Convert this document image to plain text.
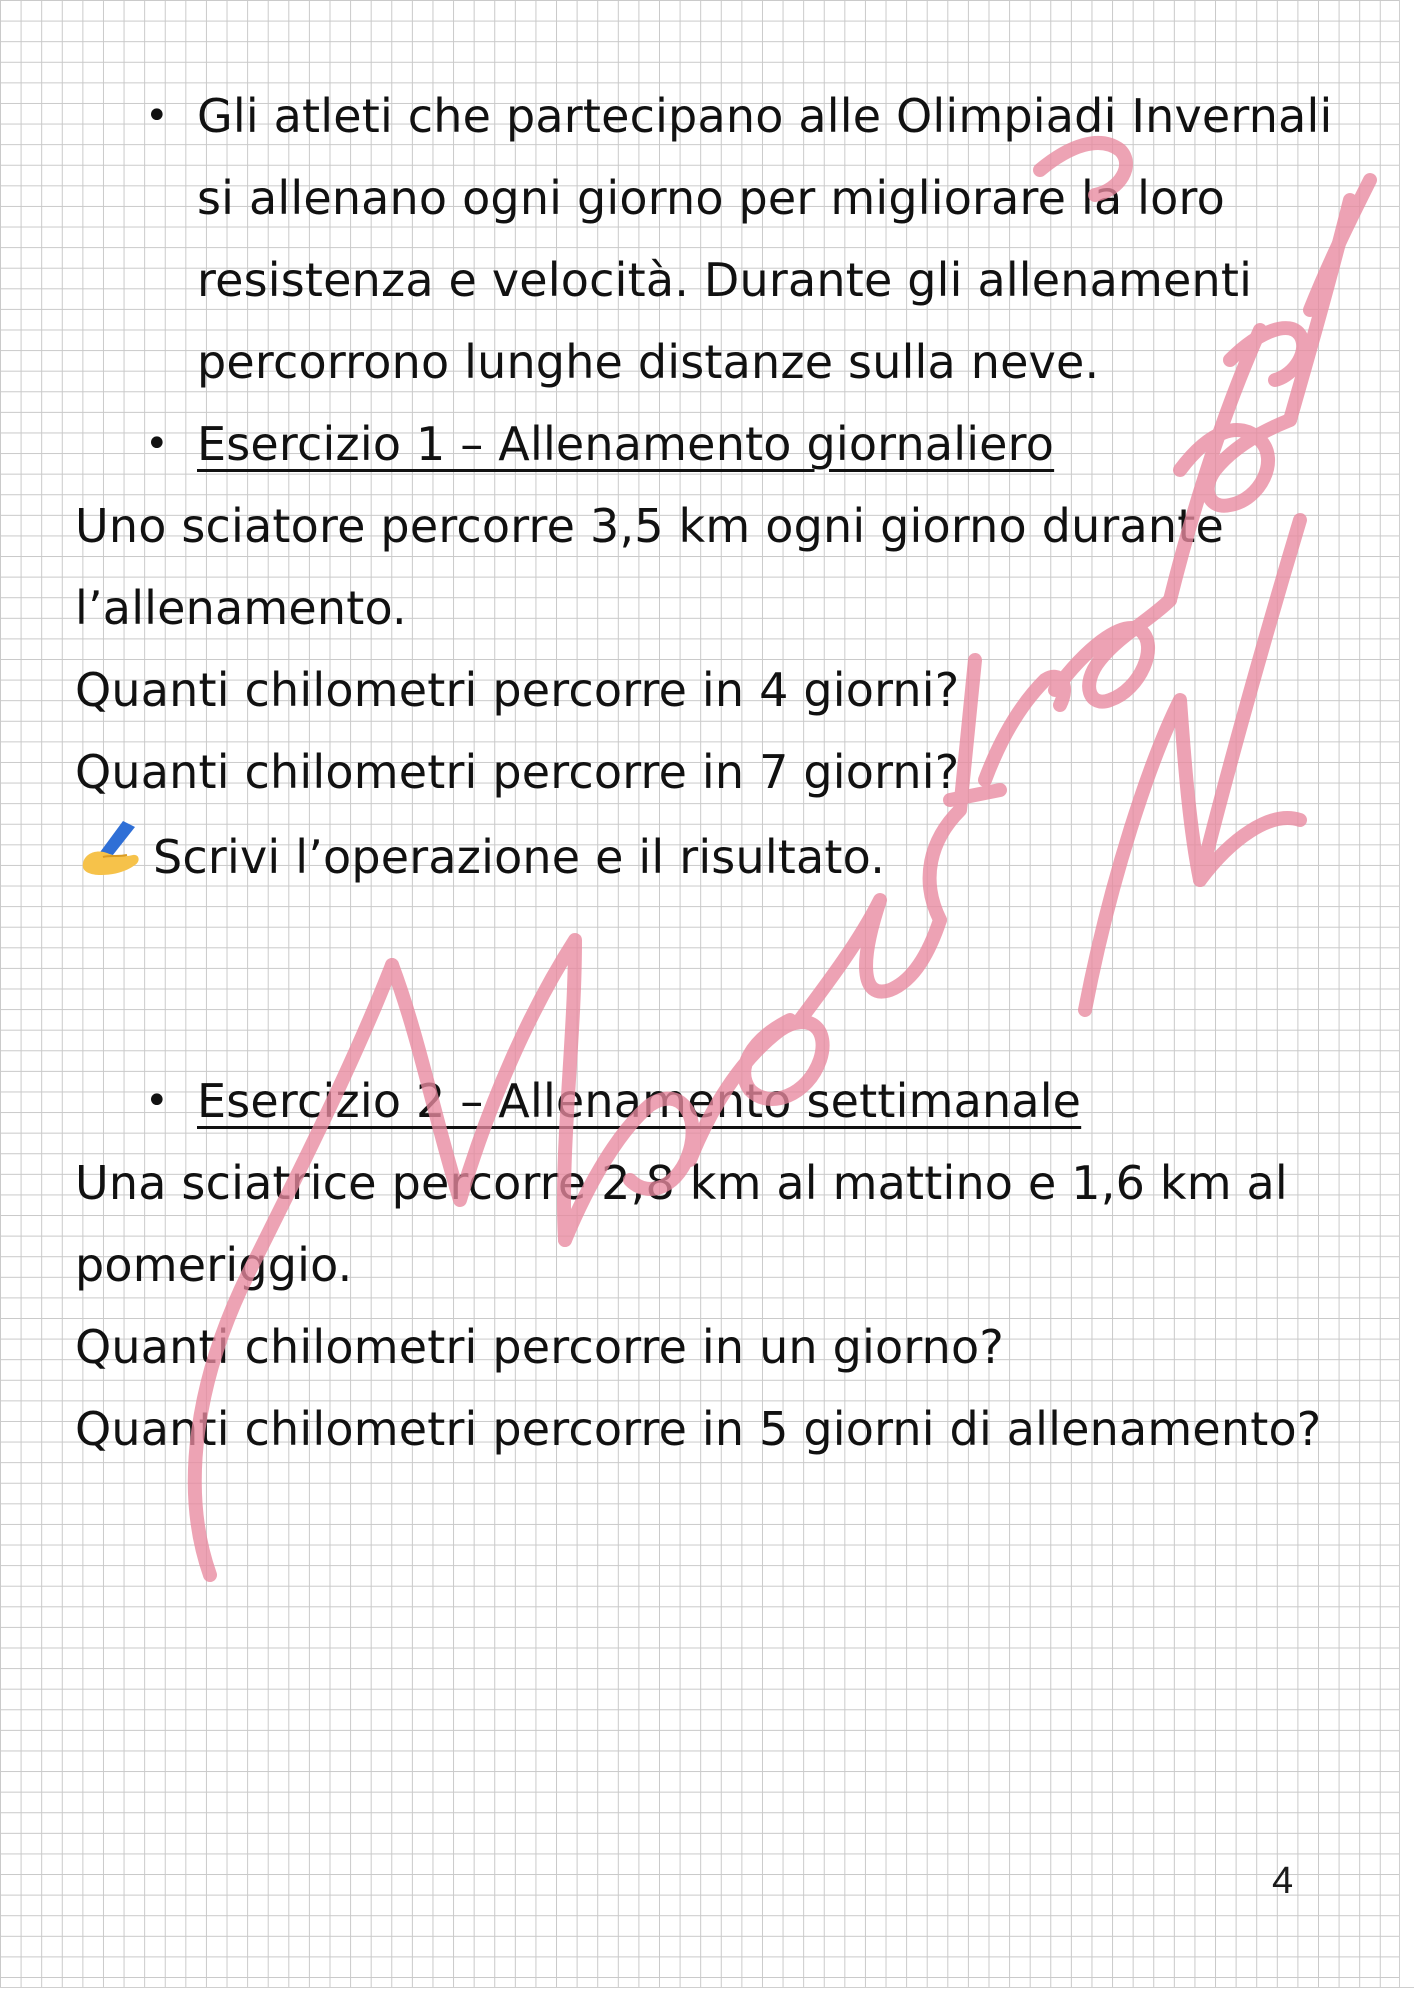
• Gli atleti che partecipano alle Olimpiadi Invernali
si allenano ogni giorno per migliorare la loro
resistenza e velocità. Durante gli allenamenti
percorrono lunghe distanze sulla neve.
• Esercizio 1 – Allenamento giornaliero
Uno sciatore percorre 3,5 km ogni giorno durante
l’allenamento.
Quanti chilometri percorre in 4 giorni?
Quanti chilometri percorre in 7 giorni?
Scrivi l’operazione e il risultato.
• Esercizio 2 – Allenamento settimanale
Una sciatrice percorre 2,8 km al mattino e 1,6 km al
pomeriggio.
Quanti chilometri percorre in un giorno?
Quanti chilometri percorre in 5 giorni di allenamento?
4
